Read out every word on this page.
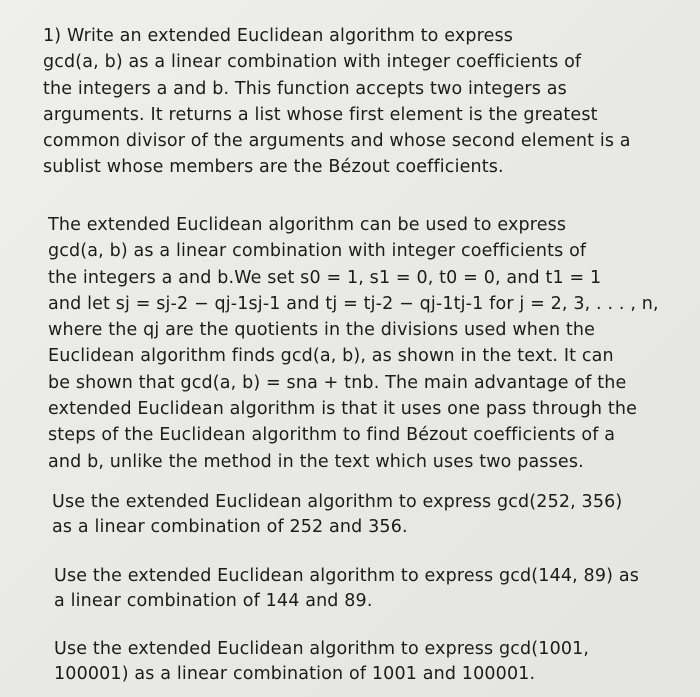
1) Write an extended Euclidean algorithm to express
gcd(a, b) as a linear combination with integer coefficients of
the integers a and b. This function accepts two integers as
arguments. It returns a list whose first element is the greatest
common divisor of the arguments and whose second element is a
sublist whose members are the Bézout coefficients.
The extended Euclidean algorithm can be used to express
gcd(a, b) as a linear combination with integer coefficients of
the integers a and b.We set s0 = 1, s1 = 0, t0 = 0, and t1 = 1
and let sj = sj-2 − qj-1sj-1 and tj = tj-2 − qj-1tj-1 for j = 2, 3, . . . , n,
where the qj are the quotients in the divisions used when the
Euclidean algorithm finds gcd(a, b), as shown in the text. It can
be shown that gcd(a, b) = sna + tnb. The main advantage of the
extended Euclidean algorithm is that it uses one pass through the
steps of the Euclidean algorithm to find Bézout coefficients of a
and b, unlike the method in the text which uses two passes.
Use the extended Euclidean algorithm to express gcd(252, 356)
as a linear combination of 252 and 356.
Use the extended Euclidean algorithm to express gcd(144, 89) as
a linear combination of 144 and 89.
Use the extended Euclidean algorithm to express gcd(1001,
100001) as a linear combination of 1001 and 100001.
